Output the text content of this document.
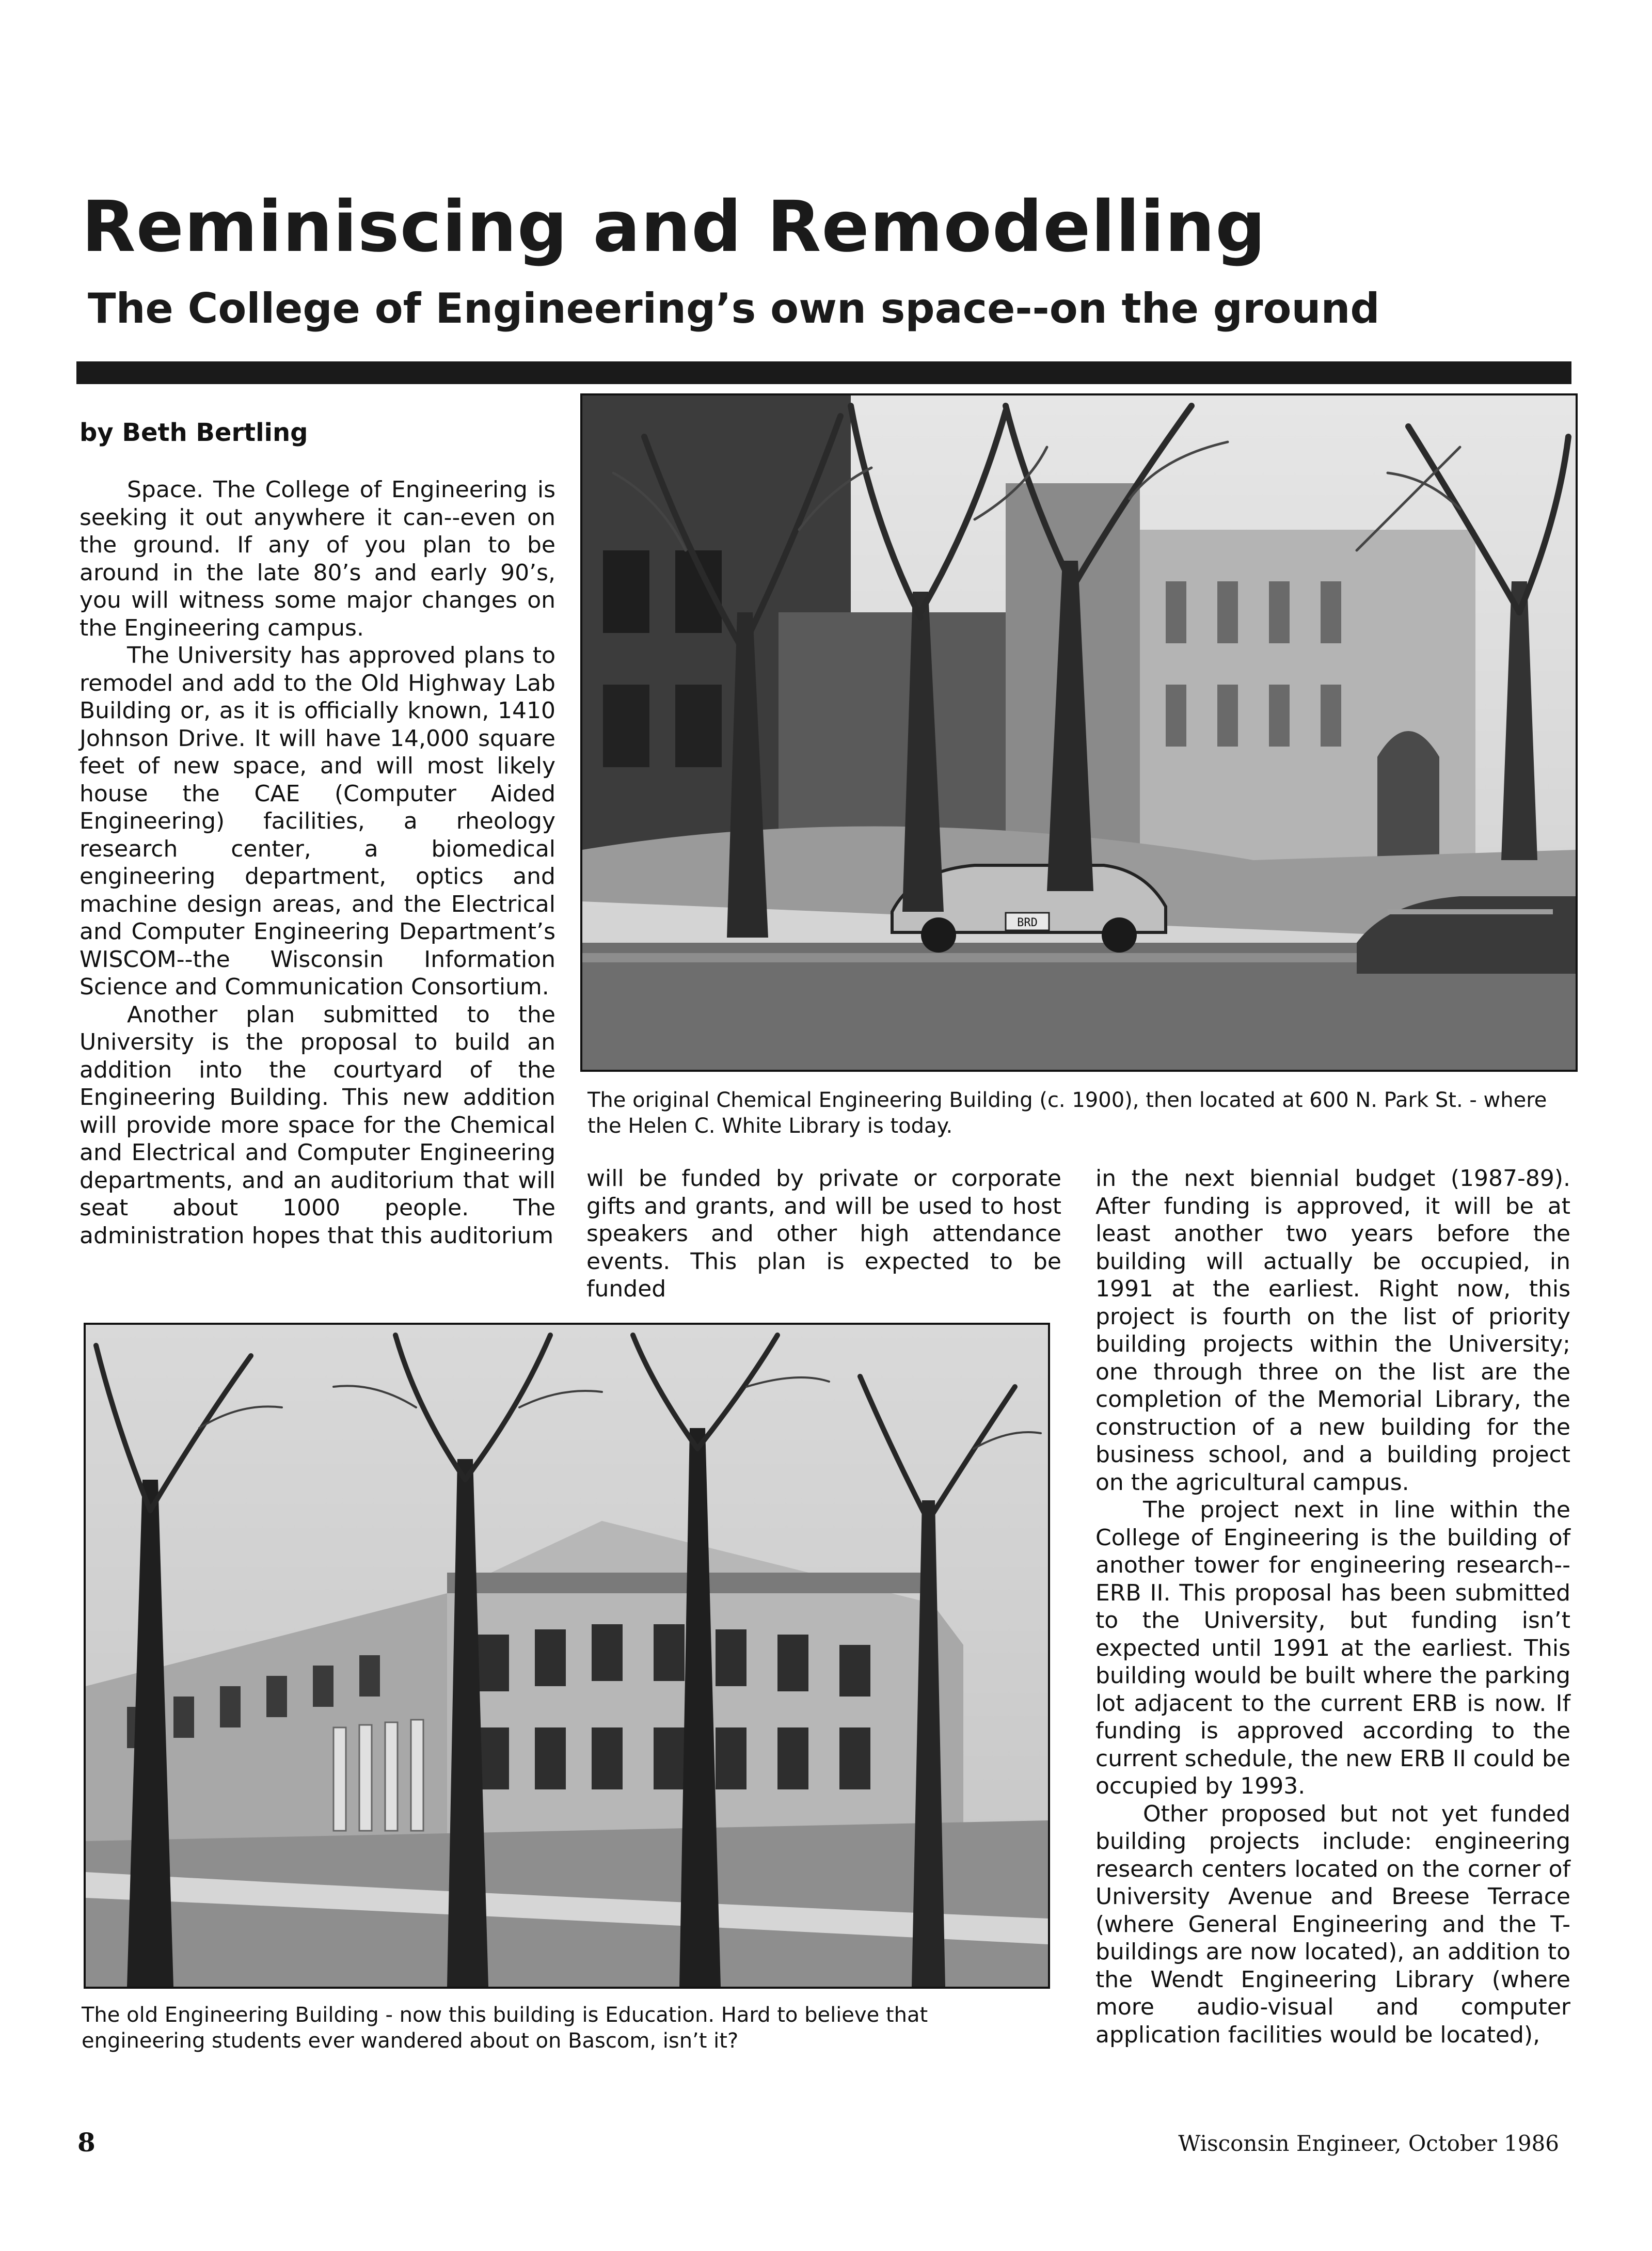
Reminiscing and Remodelling
The College of Engineering’s own space--on the ground
by Beth Bertling

Space. The College of Engineering is seeking it out anywhere it can--even on the ground. If any of you plan to be around in the late 80’s and early 90’s, you will witness some major changes on the Engineering campus.

The University has approved plans to remodel and add to the Old Highway Lab Building or, as it is officially known, 1410 Johnson Drive. It will have 14,000 square feet of new space, and will most likely house the CAE (Computer Aided Engineering) facilities, a rheology research center, a biomedical engineering department, optics and machine design areas, and the Electrical and Computer Engineering Department’s WISCOM--the Wisconsin Information Science and Communication Consortium.

Another plan submitted to the University is the proposal to build an addition into the courtyard of the Engineering Building. This new addition will provide more space for the Chemical and Electrical and Computer Engineering departments, and an auditorium that will seat about 1000 people. The administration hopes that this auditorium

BRD
The original Chemical Engineering Building (c. 1900), then located at 600 N. Park St. - where the Helen C. White Library is today.

will be funded by private or corporate gifts and grants, and will be used to host speakers and other high attendance events. This plan is expected to be funded

in the next biennial budget (1987-89). After funding is approved, it will be at least another two years before the building will actually be occupied, in 1991 at the earliest. Right now, this project is fourth on the list of priority building projects within the University; one through three on the list are the completion of the Memorial Library, the construction of a new building for the business school, and a building project on the agricultural campus.

The project next in line within the College of Engineering is the building of another tower for engineering research--ERB II. This proposal has been submitted to the University, but funding isn’t expected until 1991 at the earliest. This building would be built where the parking lot adjacent to the current ERB is now. If funding is approved according to the current schedule, the new ERB II could be occupied by 1993.

Other proposed but not yet funded building projects include: engineering research centers located on the corner of University Avenue and Breese Terrace (where General Engineering and the T-buildings are now located), an addition to the Wendt Engineering Library (where more audio-visual and computer application facilities would be located),

The old Engineering Building - now this building is Education. Hard to believe that engineering students ever wandered about on Bascom, isn’t it?
8	Wisconsin Engineer, October 1986
